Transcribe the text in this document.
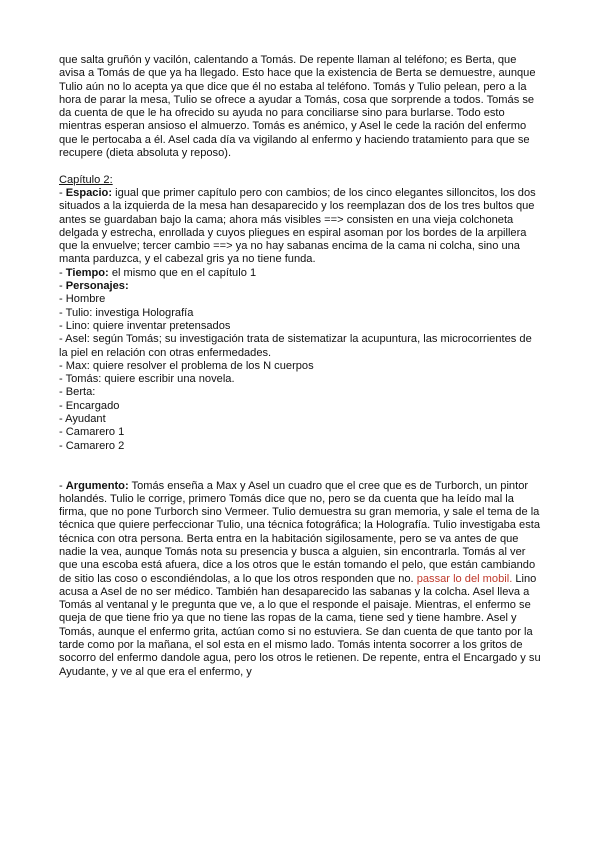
que salta gruñón y vacilón, calentando a Tomás. De repente llaman al teléfono; es Berta, que avisa a Tomás de que ya ha llegado. Esto hace que la existencia de Berta se demuestre, aunque Tulio aún no lo acepta ya que dice que él no estaba al teléfono. Tomás y Tulio pelean, pero a la hora de parar la mesa, Tulio se ofrece a ayudar a Tomás, cosa que sorprende a todos. Tomás se da cuenta de que le ha ofrecido su ayuda no para conciliarse sino para burlarse. Todo esto mientras esperan ansioso el almuerzo. Tomás es anémico, y Asel le cede la ración del enfermo que le pertocaba a él. Asel cada día va vigilando al enfermo y haciendo tratamiento para que se recupere (dieta absoluta y reposo).

Capítulo 2:

- Espacio: igual que primer capítulo pero con cambios; de los cinco elegantes silloncitos, los dos situados a la izquierda de la mesa han desaparecido y los reemplazan dos de los tres bultos que antes se guardaban bajo la cama; ahora más visibles ==> consisten en una vieja colchoneta delgada y estrecha, enrollada y cuyos pliegues en espiral asoman por los bordes de la arpillera que la envuelve; tercer cambio ==> ya no hay sabanas encima de la cama ni colcha, sino una manta parduzca, y el cabezal gris ya no tiene funda.

- Tiempo: el mismo que en el capítulo 1

- Personajes:

- Hombre

- Tulio: investiga Holografía

- Lino: quiere inventar pretensados

- Asel: según Tomás; su investigación trata de sistematizar la acupuntura, las microcorrientes de la piel en relación con otras enfermedades.

- Max: quiere resolver el problema de los N cuerpos

- Tomás: quiere escribir una novela.

- Berta:

- Encargado

- Ayudant

- Camarero 1

- Camarero 2

- Argumento: Tomás enseña a Max y Asel un cuadro que el cree que es de Turborch, un pintor holandés. Tulio le corrige, primero Tomás dice que no, pero se da cuenta que ha leído mal la firma, que no pone Turborch sino Vermeer. Tulio demuestra su gran memoria, y sale el tema de la técnica que quiere perfeccionar Tulio, una técnica fotográfica; la Holografía. Tulio investigaba esta técnica con otra persona. Berta entra en la habitación sigilosamente, pero se va antes de que nadie la vea, aunque Tomás nota su presencia y busca a alguien, sin encontrarla. Tomás al ver que una escoba está afuera, dice a los otros que le están tomando el pelo, que están cambiando de sitio las coso o escondiéndolas, a lo que los otros responden que no. passar lo del mobil. Lino acusa a Asel de no ser médico. También han desaparecido las sabanas y la colcha. Asel lleva a Tomás al ventanal y le pregunta que ve, a lo que el responde el paisaje. Mientras, el enfermo se queja de que tiene frio ya que no tiene las ropas de la cama, tiene sed y tiene hambre. Asel y Tomás, aunque el enfermo grita, actúan como si no estuviera. Se dan cuenta de que tanto por la tarde como por la mañana, el sol esta en el mismo lado. Tomás intenta socorrer a los gritos de socorro del enfermo dandole agua, pero los otros le retienen. De repente, entra el Encargado y su Ayudante, y ve al que era el enfermo, y
